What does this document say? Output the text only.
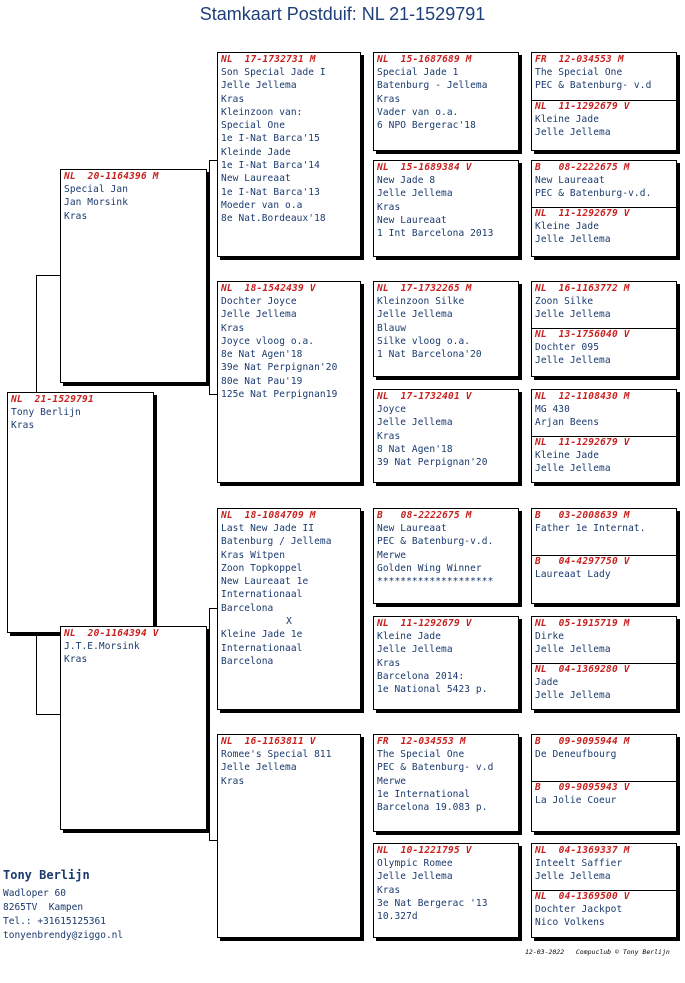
Stamkaart Postduif: NL 21-1529791
NL  21-1529791
Tony Berlijn
Kras
NL  20-1164396 M
Special Jan
Jan Morsink
Kras
NL  20-1164394 V
J.T.E.Morsink
Kras
NL  17-1732731 M
Son Special Jade I
Jelle Jellema
Kras
Kleinzoon van:
Special One
1e I-Nat Barca'15
Kleinde Jade
1e I-Nat Barca'14
New Laureaat
1e I-Nat Barca'13
Moeder van o.a
8e Nat.Bordeaux'18
NL  18-1542439 V
Dochter Joyce
Jelle Jellema
Kras
Joyce vloog o.a.
8e Nat Agen'18
39e Nat Perpignan'20
80e Nat Pau'19
125e Nat Perpignan19
NL  18-1084709 M
Last New Jade II
Batenburg / Jellema
Kras Witpen
Zoon Topkoppel
New Laureaat 1e
Internationaal
Barcelona
X
Kleine Jade 1e
Internationaal
Barcelona
NL  16-1163811 V
Romee's Special 811
Jelle Jellema
Kras
NL  15-1687689 M
Special Jade 1
Batenburg - Jellema
Kras
Vader van o.a.
6 NPO Bergerac'18
NL  15-1689384 V
New Jade 8
Jelle Jellema
Kras
New Laureaat
1 Int Barcelona 2013
NL  17-1732265 M
Kleinzoon Silke
Jelle Jellema
Blauw
Silke vloog o.a.
1 Nat Barcelona'20
NL  17-1732401 V
Joyce
Jelle Jellema
Kras
8 Nat Agen'18
39 Nat Perpignan'20
B   08-2222675 M
New Laureaat
PEC & Batenburg-v.d.
Merwe
Golden Wing Winner
********************
NL  11-1292679 V
Kleine Jade
Jelle Jellema
Kras
Barcelona 2014:
1e National 5423 p.
FR  12-034553 M
The Special One
PEC & Batenburg- v.d
Merwe
1e International
Barcelona 19.083 p.
NL  10-1221795 V
Olympic Romee
Jelle Jellema
Kras
3e Nat Bergerac '13
10.327d
FR  12-034553 M
The Special One
PEC & Batenburg- v.d
NL  11-1292679 V
Kleine Jade
Jelle Jellema
B   08-2222675 M
New Laureaat
PEC & Batenburg-v.d.
NL  11-1292679 V
Kleine Jade
Jelle Jellema
NL  16-1163772 M
Zoon Silke
Jelle Jellema
NL  13-1756040 V
Dochter 095
Jelle Jellema
NL  12-1108430 M
MG 430
Arjan Beens
NL  11-1292679 V
Kleine Jade
Jelle Jellema
B   03-2008639 M
Father 1e Internat.
B   04-4297750 V
Laureaat Lady
NL  05-1915719 M
Dirke
Jelle Jellema
NL  04-1369280 V
Jade
Jelle Jellema
B   09-9095944 M
De Deneufbourg
B   09-9095943 V
La Jolie Coeur
NL  04-1369337 M
Inteelt Saffier
Jelle Jellema
NL  04-1369500 V
Dochter Jackpot
Nico Volkens
Tony Berlijn
Wadloper 60
8265TV  Kampen
Tel.: +31615125361
tonyenbrendy@ziggo.nl
12-03-2022   Compuclub © Tony Berlijn
